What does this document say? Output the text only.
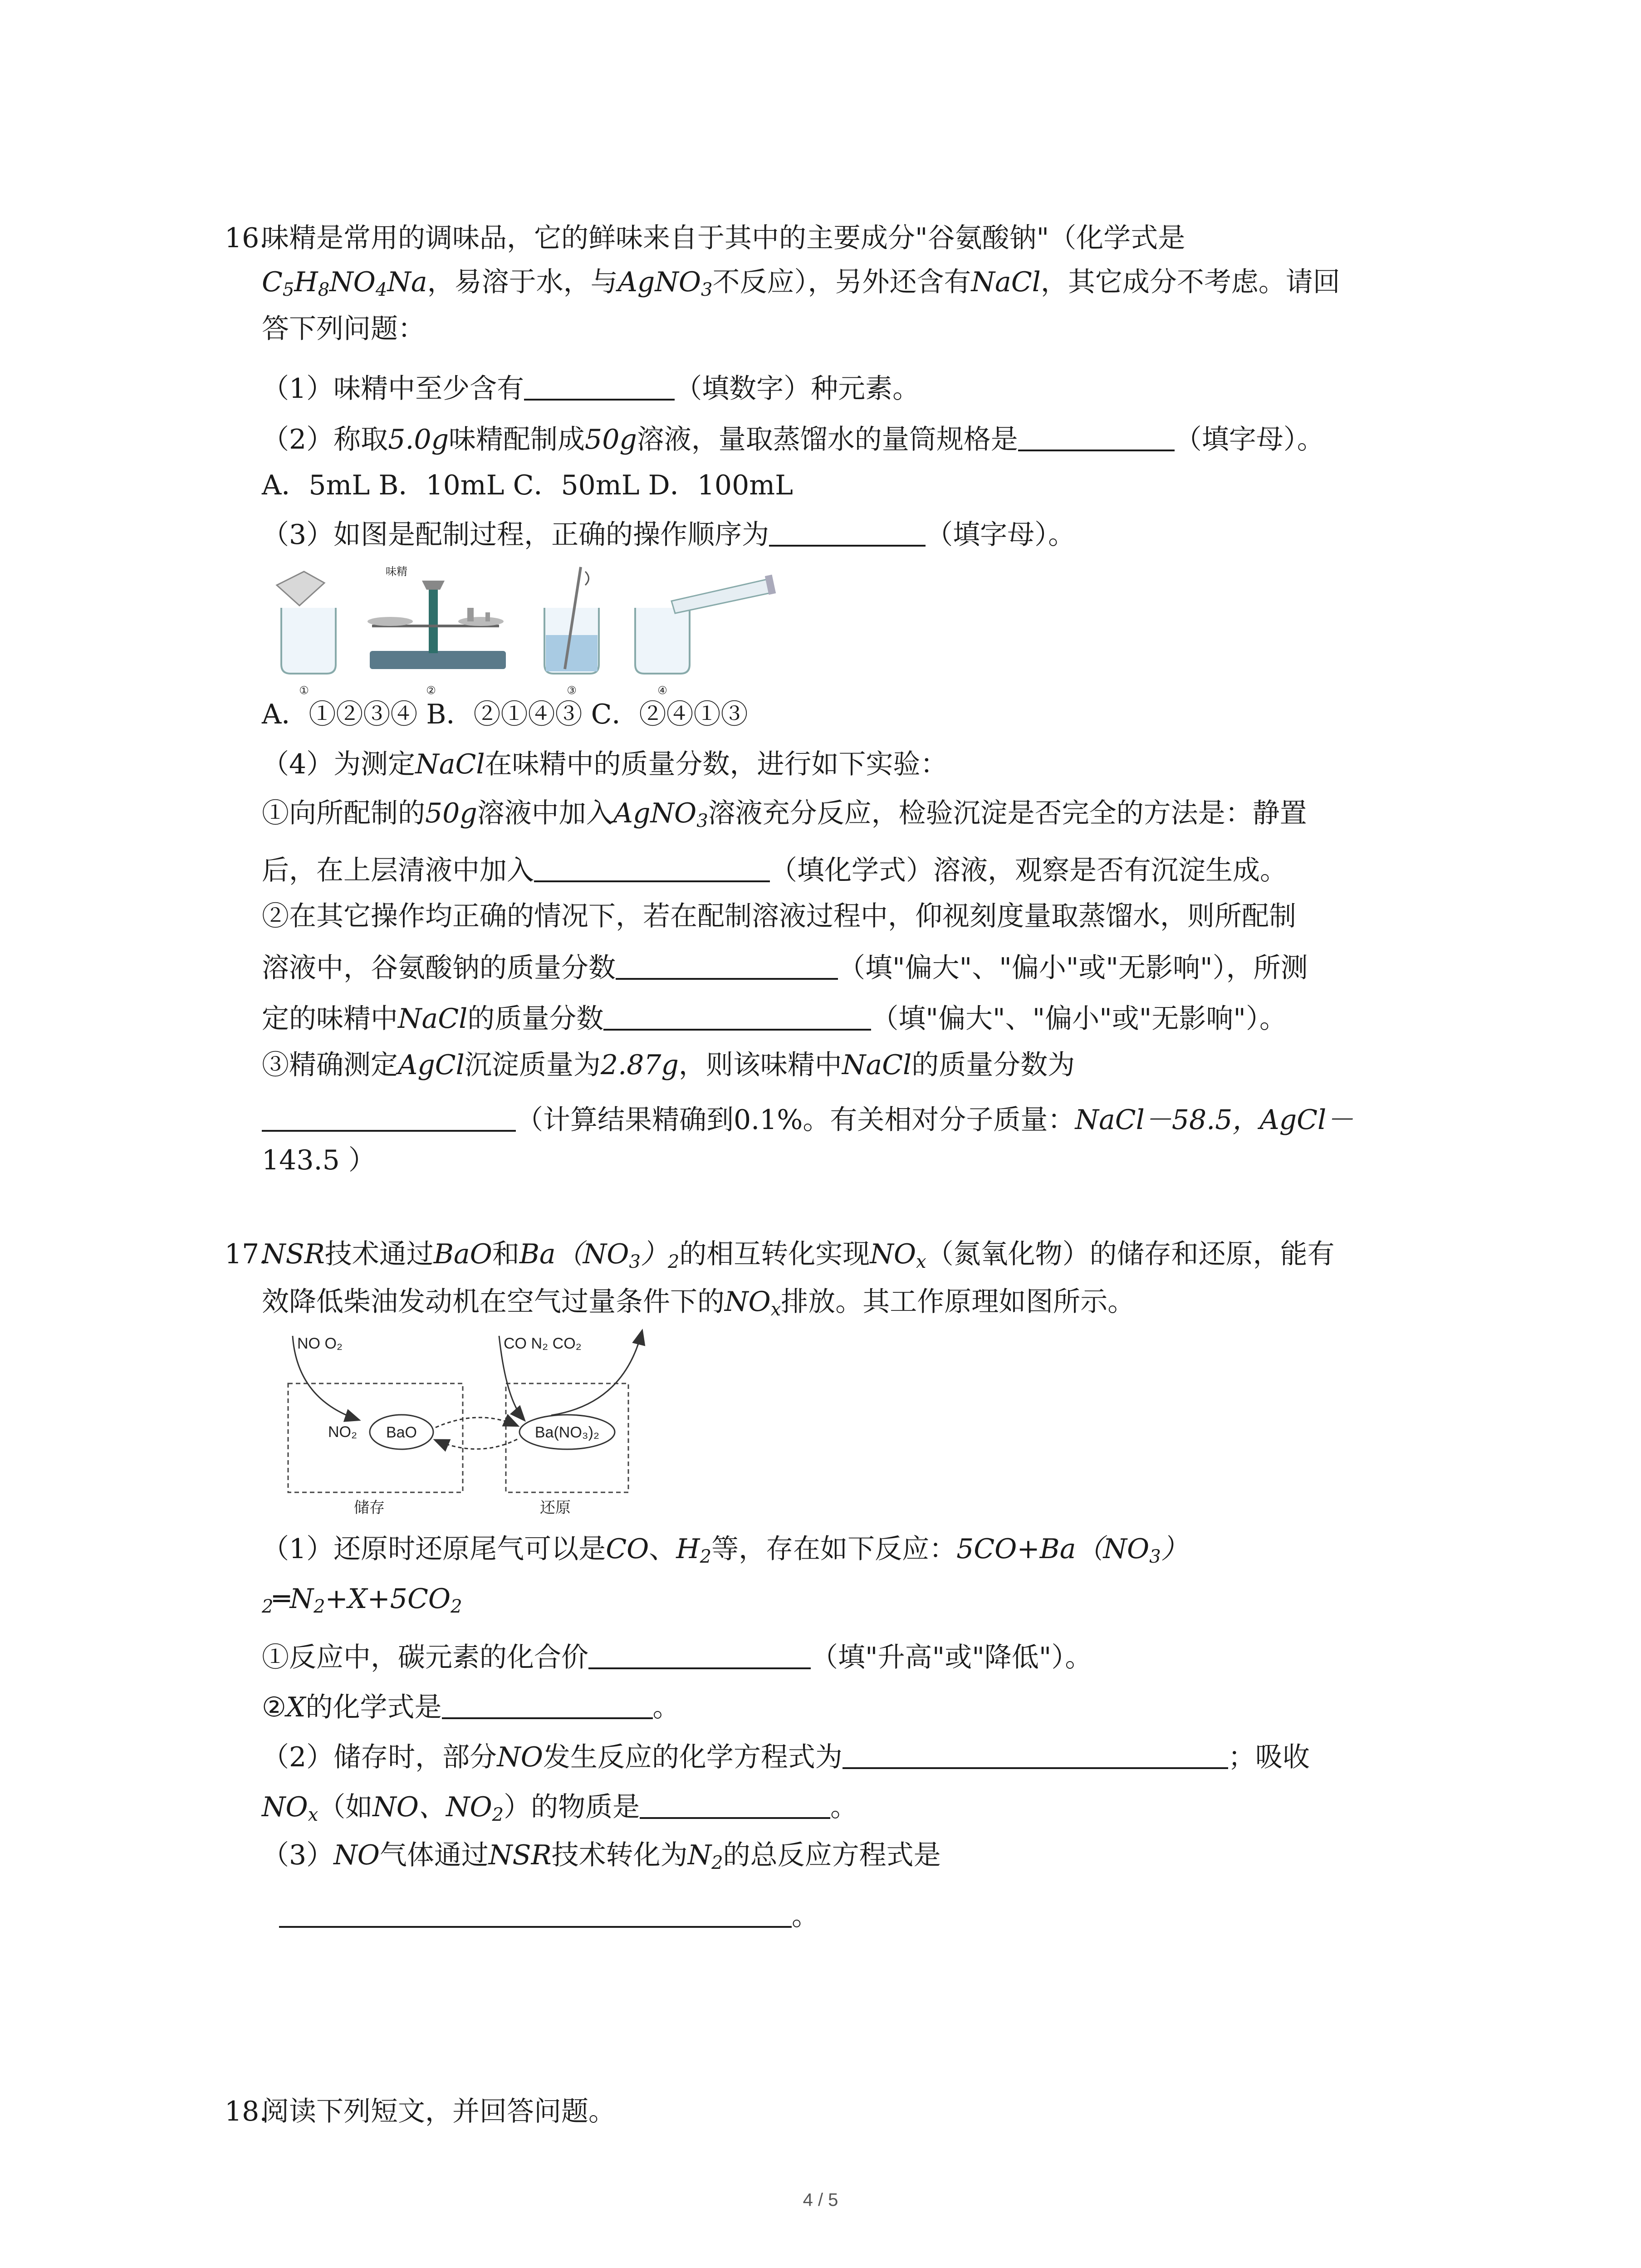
16.味精是常用的调味品，它的鲜味来自于其中的主要成分"谷氨酸钠"（化学式是
$C_5H_8NO_4Na$，易溶于水，与AgNO$_3$不反应），另外还含有NaCl，其它成分不考虑。请回
答下列问题：
（1）味精中至少含有	（填数字）种元素。
（2）称取5.0g味精配制成50g溶液，量取蒸馏水的量筒规格是	（填字母）。
A．5mL B．10mL C．50mL D．100mL
（3）如图是配制过程，正确的操作顺序为	（填字母）。
①
味精
②	③	④
A．①②③④ B．②①④③ C．②④①③
（4）为测定NaCl在味精中的质量分数，进行如下实验：
①向所配制的50g溶液中加入AgNO$_3$溶液充分反应，检验沉淀是否完全的方法是：静置
后，在上层清液中加入	（填化学式）溶液，观察是否有沉淀生成。
②在其它操作均正确的情况下，若在配制溶液过程中，仰视刻度量取蒸馏水，则所配制
溶液中，谷氨酸钠的质量分数	（填"偏大"、"偏小"或"无影响"），所测
定的味精中NaCl的质量分数	（填"偏大"、"偏小"或"无影响"）。
③精确测定AgCl沉淀质量为2.87g，则该味精中NaCl的质量分数为
（计算结果精确到0.1%。有关相对分子质量：NaCl－58.5，AgCl－
143.5 ）
17.NSR技术通过BaO和$Ba(NO_3)_2$的相互转化实现$NO_x$（氮氧化物）的储存和还原，能有
效降低柴油发动机在空气过量条件下的$NO_x$排放。其工作原理如图所示。
NO O₂	CO N₂ CO₂
NO₂ BaO	Ba(NO₃)₂
储存	还原
（1）还原时还原尾气可以是CO、$H_2$等，存在如下反应：$5CO+Ba(NO_3)$
$_2═N_2+X+5CO_2$
①反应中，碳元素的化合价	（填"升高"或"降低"）。
②X的化学式是	。
（2）储存时，部分NO发生反应的化学方程式为	；吸收
$NO_x$（如NO、$NO_2$）的物质是	。
（3）NO气体通过NSR技术转化为$N_2$的总反应方程式是
。
18.阅读下列短文，并回答问题。
4 / 5
